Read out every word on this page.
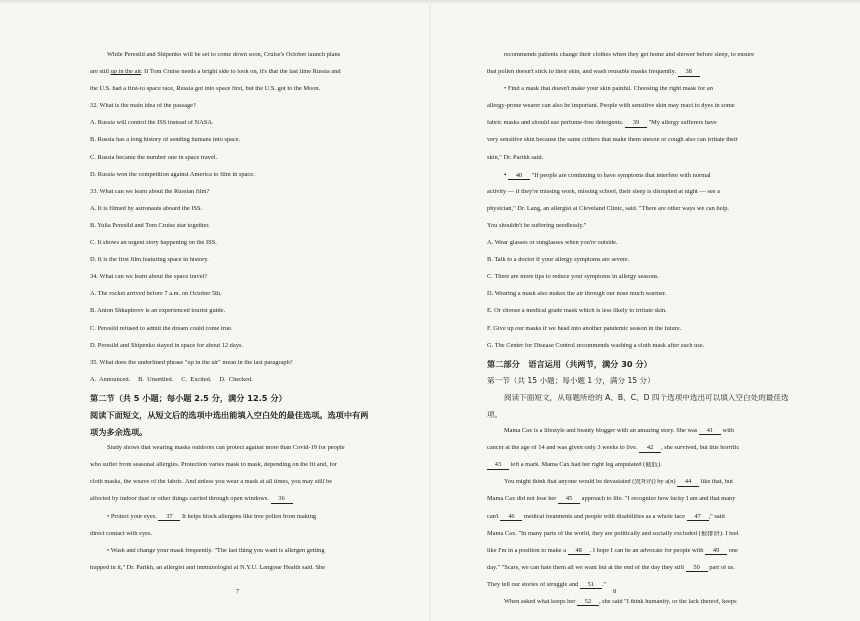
While Peresild and Shipenko will be set to come down soon, Cruise's October launch plans
are still up in the air. If Tom Cruise needs a bright side to look on, it's that the last time Russia and
the U.S. had a first-to space race, Russia got into space first, but the U.S. got to the Moon.
32. What is the main idea of the passage?
A. Russia will control the ISS instead of NASA.
B. Russia has a long history of sending humans into space.
C. Russia became the number one in space travel.
D. Russia won the competition against America to film in space.
33. What can we learn about the Russian film?
A. It is filmed by astronauts aboard the ISS.
B. Yulia Peresild and Tom Cruise star together.
C. It shows an urgent story happening on the ISS.
D. It is the first film featuring space in history.
34. What can we learn about the space travel?
A. The rocket arrived before 7 a.m. on October 5th.
B. Anton Shkaplerov is an experienced tourist guide.
C. Peresild refused to admit the dream could come true.
D. Peresild and Shipenko stayed in space for about 12 days.
35. What does the underlined phrase "up in the air" mean in the last paragraph?
A.  Announced.     B.  Unsettled.     C.  Excited.     D.  Checked.
第二节（共 5 小题；每小题 2.5 分，满分 12.5 分）
阅读下面短文，从短文后的选项中选出能填入空白处的最佳选项。选项中有两
项为多余选项。
Study shows that wearing masks outdoors can protect against more than Covid-19 for people
who suffer from seasonal allergies. Protection varies mask to mask, depending on the fit and, for
cloth masks, the weave of the fabric. And unless you wear a mask at all times, you may still be
affected by indoor dust or other things carried through open windows. 36
• Protect your eyes. 37 It helps block allergens like tree pollen from making
direct contact with eyes.
• Wash and change your mask frequently. "The last thing you want is allergen getting
trapped in it," Dr. Parikh, an allergist and immunologist at N.Y.U. Langone Health said. She
7
recommends patients change their clothes when they get home and shower before sleep, to ensure
that pollen doesn't stick to their skin, and wash reusable masks frequently. 38
• Find a mask that doesn't make your skin painful. Choosing the right mask for an
allergy-prone wearer can also be important. People with sensitive skin may react to dyes in some
fabric masks and should use perfume-free detergents. 39 "My allergy sufferers have
very sensitive skin because the same critters that make them sneeze or cough also can irritate their
skin," Dr. Parikh said.
• 40 "If people are continuing to have symptoms that interfere with normal
activity — if they're missing work, missing school, their sleep is disrupted at night — see a
physician," Dr. Lang, an allergist at Cleveland Clinic, said. "There are other ways we can help.
You shouldn't be suffering needlessly."
A. Wear glasses or sunglasses when you're outside.
B. Talk to a doctor if your allergy symptoms are severe.
C. There are more tips to reduce your symptoms in allergy seasons.
D. Wearing a mask also makes the air through our nose much warmer.
E. Or choose a medical grade mask which is less likely to irritate skin.
F. Give up our masks if we head into another pandemic season in the future.
G. The Center for Disease Control recommends washing a cloth mask after each use.
第二部分   语言运用（共两节，满分 30 分）
第一节（共 15 小题；每小题 1 分，满分 15 分）
阅读下面短文，从每题所给的 A、B、C、D 四个选项中选出可以填入空白处的最佳选
项。
Mama Cax is a lifestyle and beauty blogger with an amazing story. She was 41 with
cancer at the age of 14 and was given only 3 weeks to live. 42 , she survived, but this horrific
43 left a mark. Mama Cax had her right leg amputated (截肢).
You might think that anyone would be devastated (毁坏的) by a(n) 44 like that, but
Mama Cax did not lose her 45 approach to life. "I recognize how lucky I am and that many
can't 46 medical treatments and people with disabilities as a whole face 47 ," said
Mama Cax. "In many parts of the world, they are politically and socially excluded (被排挤). I feel
like I'm in a position to make a 48 . I hope I can be an advocate for people with 49 one
day." "Scars, we can hate them all we want but at the end of the day they still 50 part of us.
They tell our stories of struggle and 51 ."
When asked what keeps her 52 , she said "I think humanity, or the lack thereof, keeps
8
